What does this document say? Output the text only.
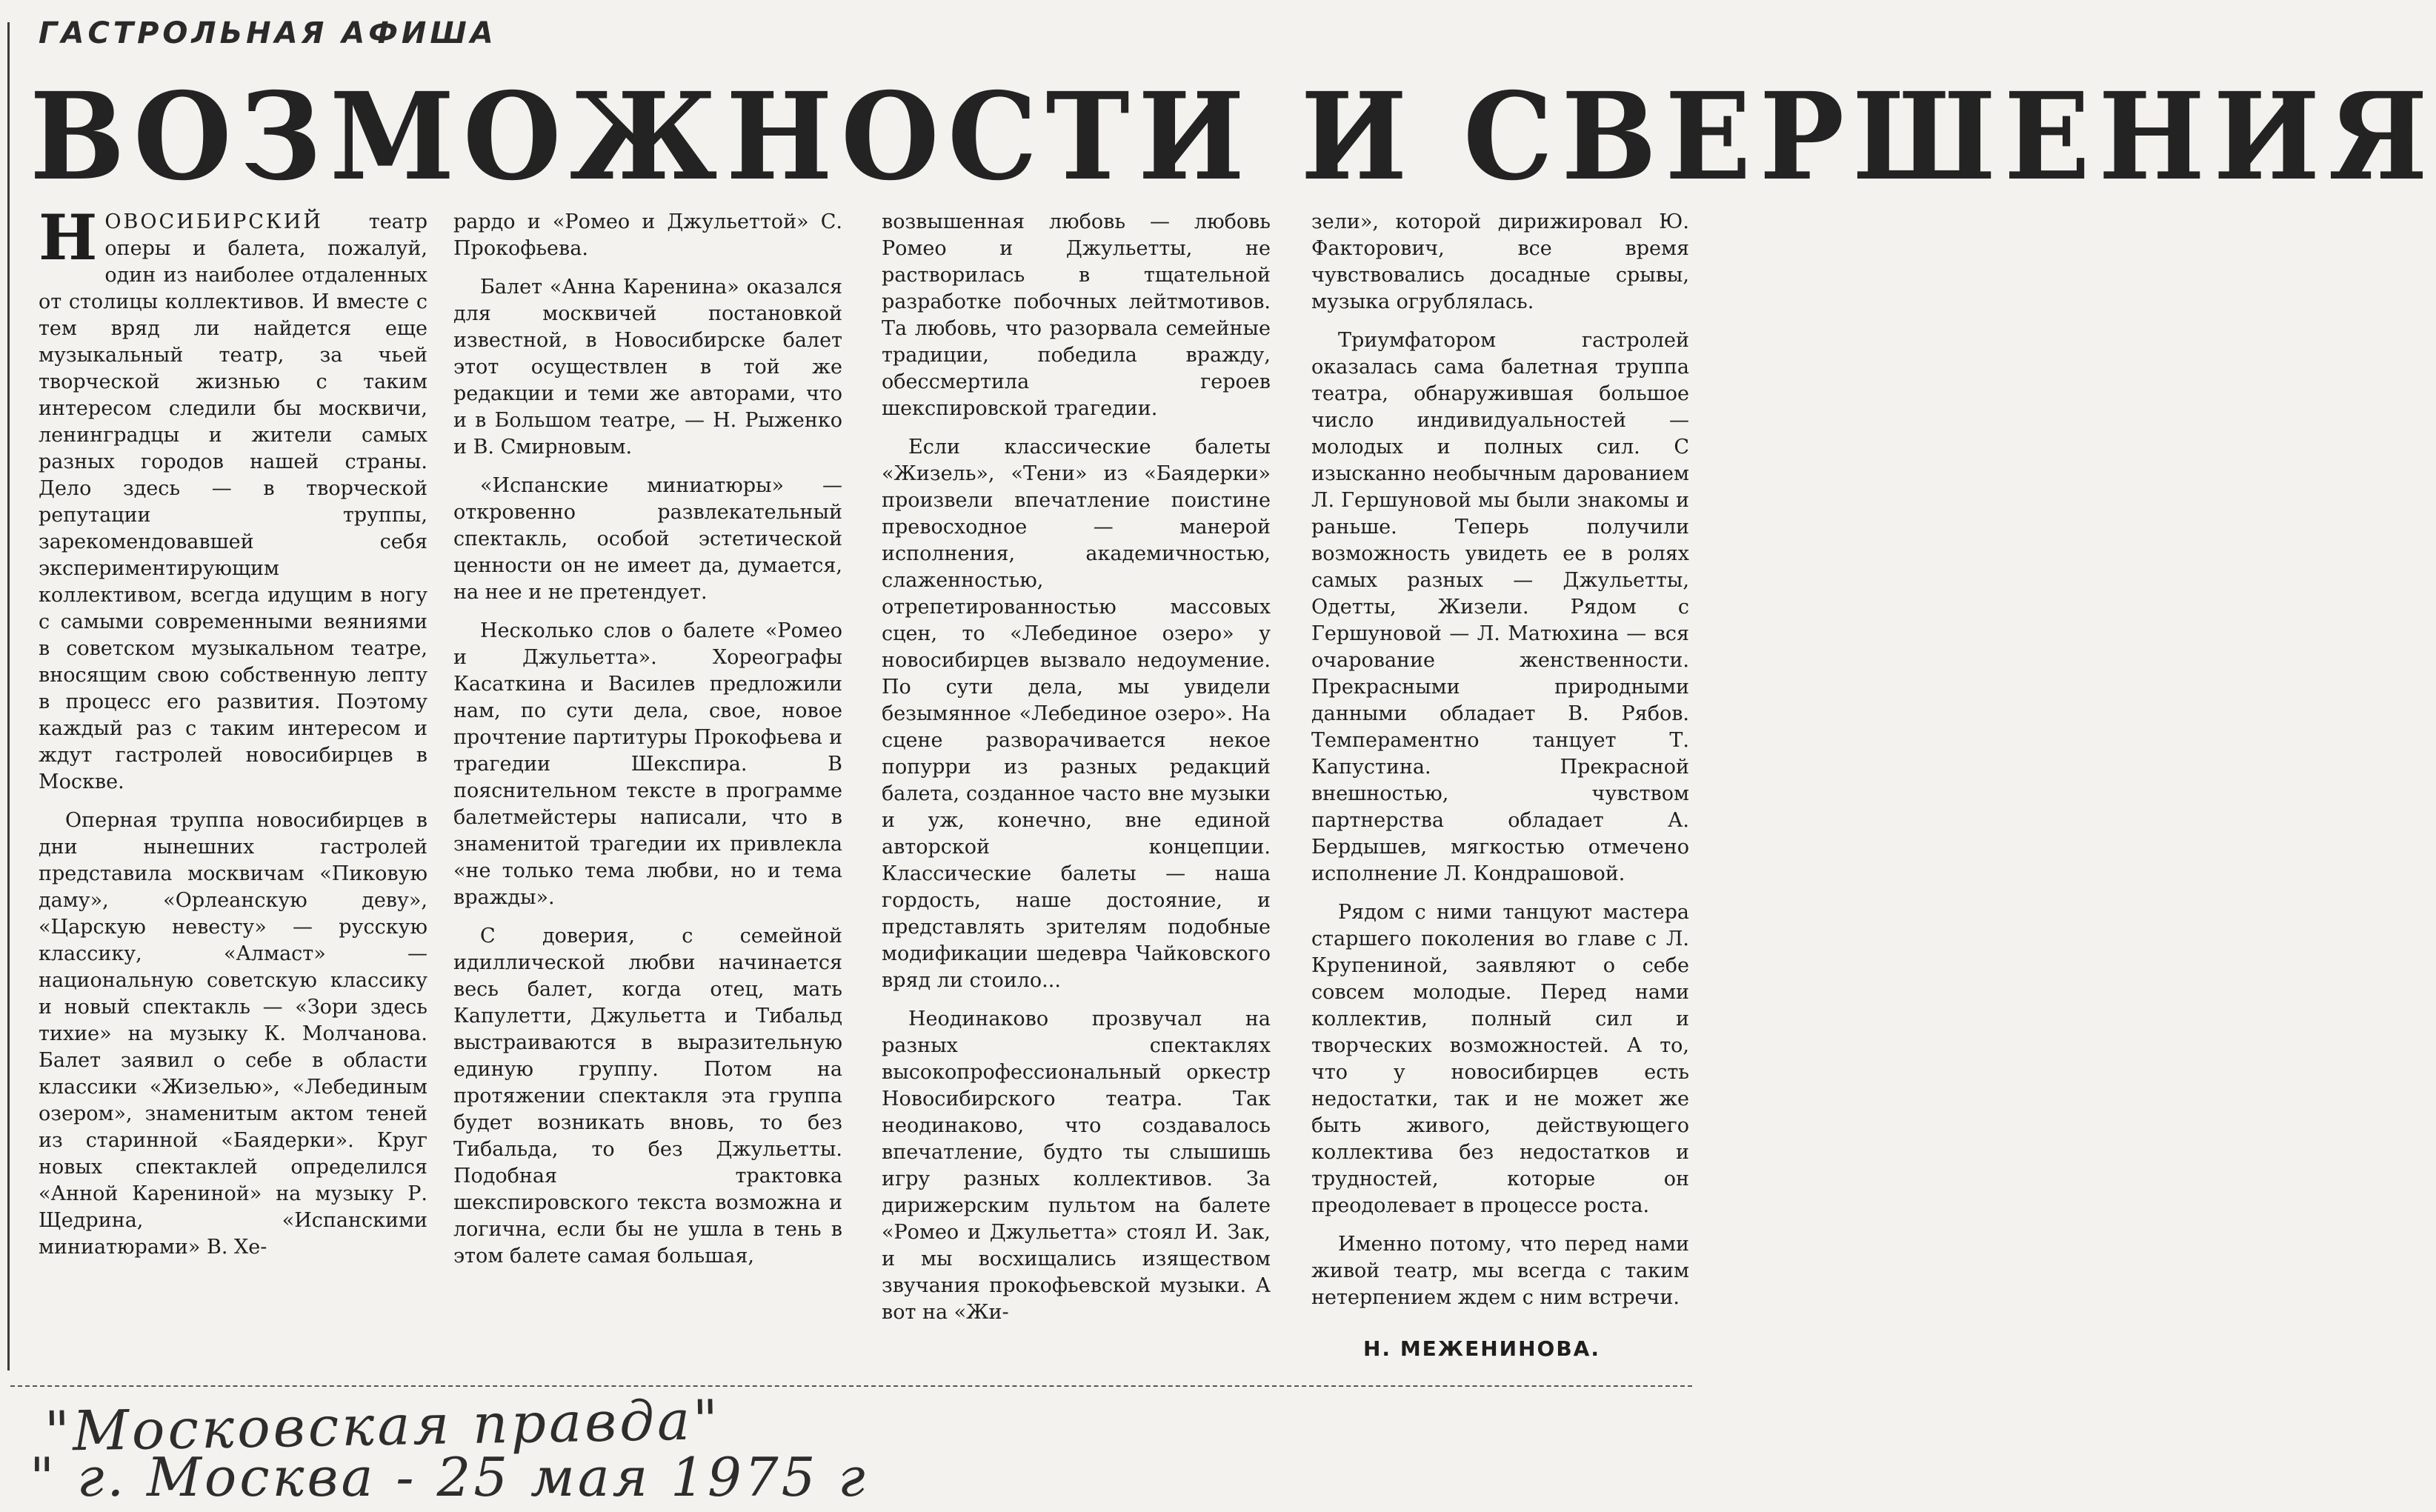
ГАСТРОЛЬНАЯ АФИША
ВОЗМОЖНОСТИ И СВЕРШЕНИЯ

НОВОСИБИРСКИЙ театр оперы и балета, пожалуй, один из наиболее отдаленных от столицы коллективов. И вместе с тем вряд ли найдется еще музыкальный театр, за чьей творческой жизнью с таким интересом следили бы москвичи, ленинградцы и жители самых разных городов нашей страны. Дело здесь — в творческой репутации труппы, зарекомендовавшей себя экспериментирующим коллективом, всегда идущим в ногу с самыми современными веяниями в советском музыкальном театре, вносящим свою собственную лепту в процесс его развития. Поэтому каждый раз с таким интересом и ждут гастролей новосибирцев в Москве.

Оперная труппа новосибирцев в дни нынешних гастролей представила москвичам «Пиковую даму», «Орлеанскую деву», «Царскую невесту» — русскую классику, «Алмаст» — национальную советскую классику и новый спектакль — «Зори здесь тихие» на музыку К. Молчанова. Балет заявил о себе в области классики «Жизелью», «Лебединым озером», знаменитым актом теней из старинной «Баядерки». Круг новых спектаклей определился «Анной Карениной» на музыку Р. Щедрина, «Испанскими миниатюрами» В. Хе-

рардо и «Ромео и Джульеттой» С. Прокофьева.

Балет «Анна Каренина» оказался для москвичей постановкой известной, в Новосибирске балет этот осуществлен в той же редакции и теми же авторами, что и в Большом театре, — Н. Рыженко и В. Смирновым.

«Испанские миниатюры» — откровенно развлекательный спектакль, особой эстетической ценности он не имеет да, думается, на нее и не претендует.

Несколько слов о балете «Ромео и Джульетта». Хореографы Касаткина и Василев предложили нам, по сути дела, свое, новое прочтение партитуры Прокофьева и трагедии Шекспира. В пояснительном тексте в программе балетмейстеры написали, что в знаменитой трагедии их привлекла «не только тема любви, но и тема вражды».

С доверия, с семейной идиллической любви начинается весь балет, когда отец, мать Капулетти, Джульетта и Тибальд выстраиваются в выразительную единую группу. Потом на протяжении спектакля эта группа будет возникать вновь, то без Тибальда, то без Джульетты. Подобная трактовка шекспировского текста возможна и логична, если бы не ушла в тень в этом балете самая большая,

возвышенная любовь — любовь Ромео и Джульетты, не растворилась в тщательной разработке побочных лейтмотивов. Та любовь, что разорвала семейные традиции, победила вражду, обессмертила героев шекспировской трагедии.

Если классические балеты «Жизель», «Тени» из «Баядерки» произвели впечатление поистине превосходное — манерой исполнения, академичностью, слаженностью, отрепетированностью массовых сцен, то «Лебединое озеро» у новосибирцев вызвало недоумение. По сути дела, мы увидели безымянное «Лебединое озеро». На сцене разворачивается некое попурри из разных редакций балета, созданное часто вне музыки и уж, конечно, вне единой авторской концепции. Классические балеты — наша гордость, наше достояние, и представлять зрителям подобные модификации шедевра Чайковского вряд ли стоило...

Неодинаково прозвучал на разных спектаклях высокопрофессиональный оркестр Новосибирского театра. Так неодинаково, что создавалось впечатление, будто ты слышишь игру разных коллективов. За дирижерским пультом на балете «Ромео и Джульетта» стоял И. Зак, и мы восхищались изяществом звучания прокофьевской музыки. А вот на «Жи-

зели», которой дирижировал Ю. Факторович, все время чувствовались досадные срывы, музыка огрублялась.

Триумфатором гастролей оказалась сама балетная труппа театра, обнаружившая большое число индивидуальностей — молодых и полных сил. С изысканно необычным дарованием Л. Гершуновой мы были знакомы и раньше. Теперь получили возможность увидеть ее в ролях самых разных — Джульетты, Одетты, Жизели. Рядом с Гершуновой — Л. Матюхина — вся очарование женственности. Прекрасными природными данными обладает В. Рябов. Темпераментно танцует Т. Капустина. Прекрасной внешностью, чувством партнерства обладает А. Бердышев, мягкостью отмечено исполнение Л. Кондрашовой.

Рядом с ними танцуют мастера старшего поколения во главе с Л. Крупениной, заявляют о себе совсем молодые. Перед нами коллектив, полный сил и творческих возможностей. А то, что у новосибирцев есть недостатки, так и не может же быть живого, действующего коллектива без недостатков и трудностей, которые он преодолевает в процессе роста.

Именно потому, что перед нами живой театр, мы всегда с таким нетерпением ждем с ним встречи.

Н. МЕЖЕНИНОВА.
"Московская правда"
" г. Москва - 25 мая 1975 г
